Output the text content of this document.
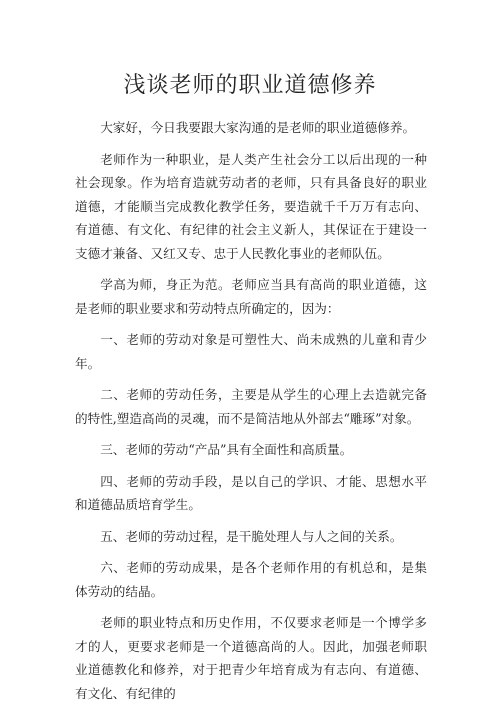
浅谈老师的职业道德修养

大家好，今日我要跟大家沟通的是老师的职业道德修养。

老师作为一种职业，是人类产生社会分工以后出现的一种社会现象。作为培育造就劳动者的老师，只有具备良好的职业道德，才能顺当完成教化教学任务，要造就千千万万有志向、有道德、有文化、有纪律的社会主义新人，其保证在于建设一支德才兼备、又红又专、忠于人民教化事业的老师队伍。

学高为师，身正为范。老师应当具有高尚的职业道德，这是老师的职业要求和劳动特点所确定的，因为：

一、老师的劳动对象是可塑性大、尚未成熟的儿童和青少年。

二、老师的劳动任务，主要是从学生的心理上去造就完备的特性,塑造高尚的灵魂，而不是简洁地从外部去“雕琢”对象。

三、老师的劳动“产品”具有全面性和高质量。

四、老师的劳动手段，是以自己的学识、才能、思想水平和道德品质培育学生。

五、老师的劳动过程，是干脆处理人与人之间的关系。

六、老师的劳动成果，是各个老师作用的有机总和，是集体劳动的结晶。

老师的职业特点和历史作用，不仅要求老师是一个博学多才的人，更要求老师是一个道德高尚的人。因此，加强老师职业道德教化和修养，对于把青少年培育成为有志向、有道德、有文化、有纪律的
